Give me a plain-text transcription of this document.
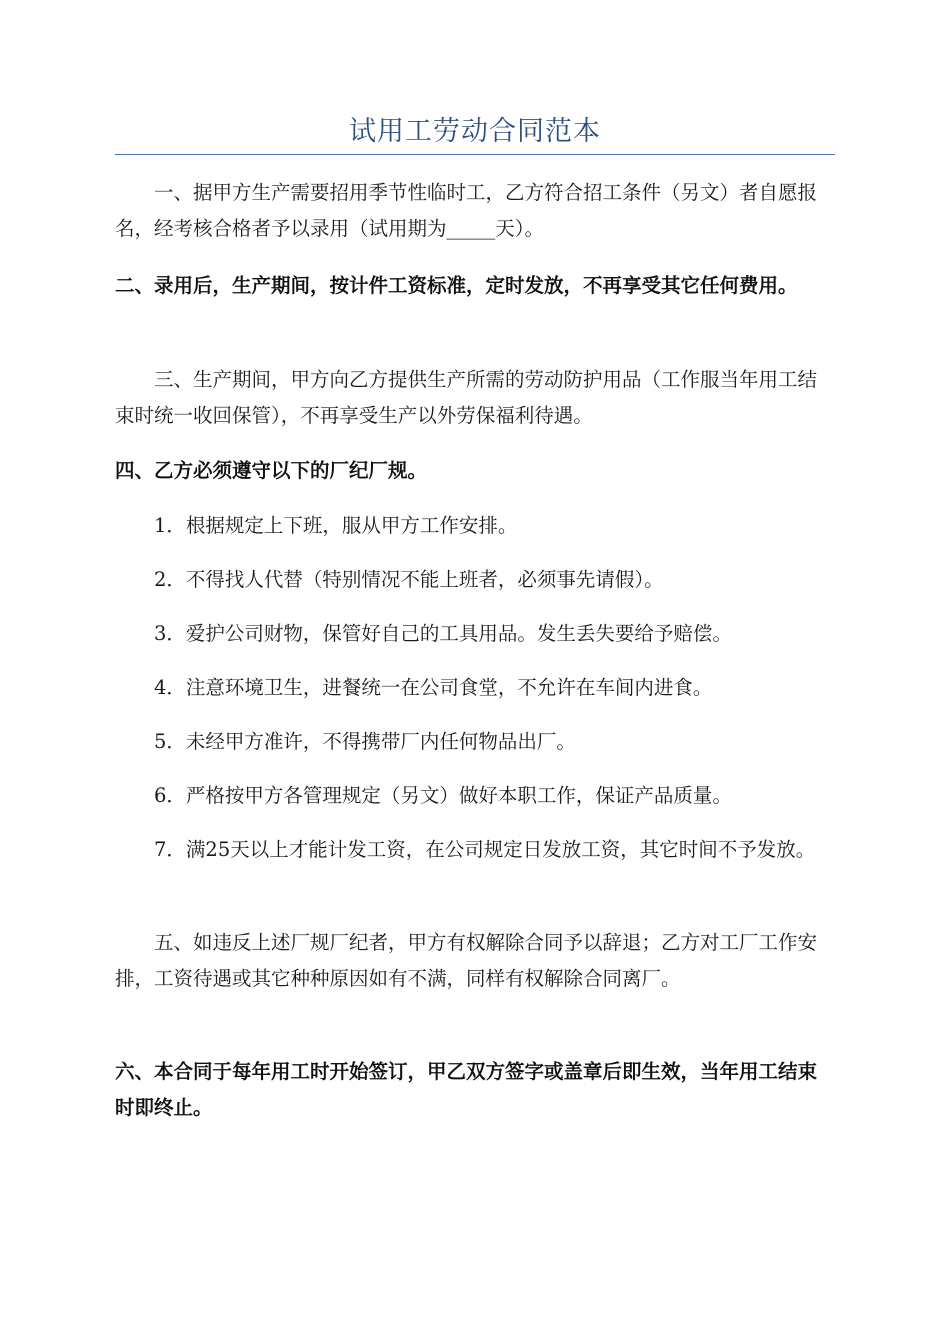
试用工劳动合同范本

一、据甲方生产需要招用季节性临时工，乙方符合招工条件（另文）者自愿报名，经考核合格者予以录用（试用期为_____天）。

二、录用后，生产期间，按计件工资标准，定时发放，不再享受其它任何费用。

三、生产期间，甲方向乙方提供生产所需的劳动防护用品（工作服当年用工结束时统一收回保管），不再享受生产以外劳保福利待遇。

四、乙方必须遵守以下的厂纪厂规。

1．根据规定上下班，服从甲方工作安排。

2．不得找人代替（特别情况不能上班者，必须事先请假）。

3．爱护公司财物，保管好自己的工具用品。发生丢失要给予赔偿。

4．注意环境卫生，进餐统一在公司食堂，不允许在车间内进食。

5．未经甲方准许，不得携带厂内任何物品出厂。

6．严格按甲方各管理规定（另文）做好本职工作，保证产品质量。

7．满25天以上才能计发工资，在公司规定日发放工资，其它时间不予发放。

五、如违反上述厂规厂纪者，甲方有权解除合同予以辞退；乙方对工厂工作安排，工资待遇或其它种种原因如有不满，同样有权解除合同离厂。

六、本合同于每年用工时开始签订，甲乙双方签字或盖章后即生效，当年用工结束时即终止。
